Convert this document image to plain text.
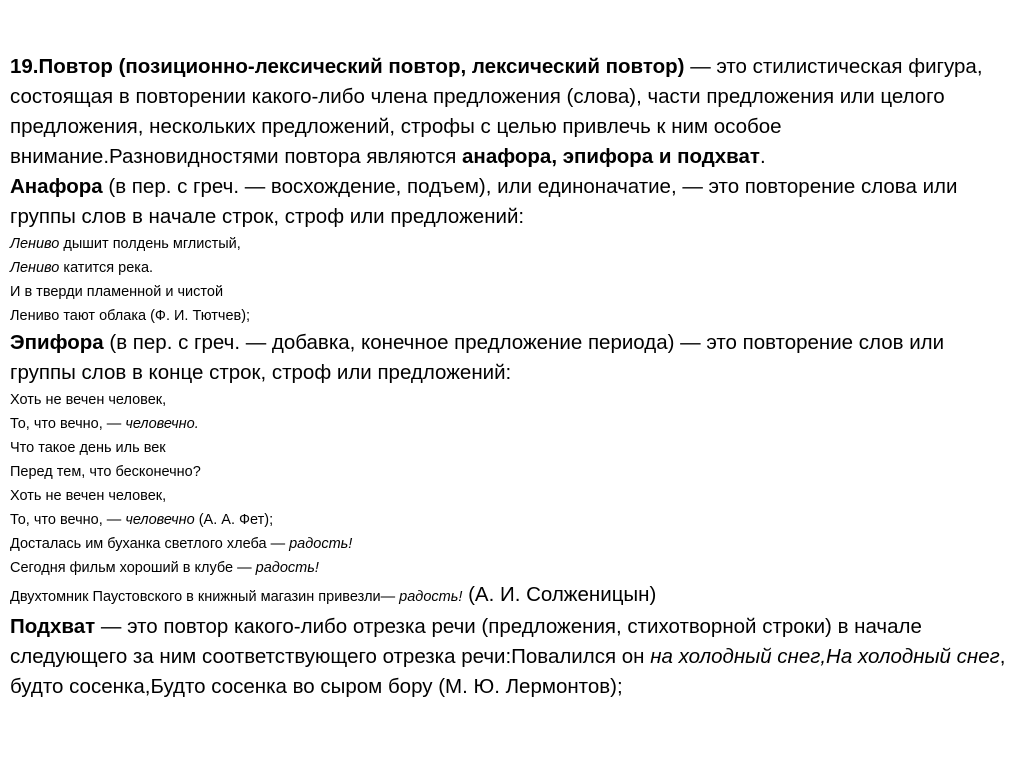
19.Повтор (позиционно-лексический повтор, лексический повтор) — это стилистическая фигура, состоящая в повторении какого-либо члена предложения (слова), части предложения или целого предложения, нескольких предложений, строфы с целью привлечь к ним особое внимание.Разновидностями повтора являются анафора, эпифора и подхват.

Анафора (в пер. с греч. — восхождение, подъем), или единоначатие, — это повторение слова или группы слов в начале строк, строф или предложений:

Лениво дышит полдень мглистый,

Лениво катится река.

И в тверди пламенной и чистой

Лениво тают облака (Ф. И. Тютчев);

Эпифора (в пер. с греч. — добавка, конечное предложение периода) — это повторение слов или группы слов в конце строк, строф или предложений:

Хоть не вечен человек,

То, что вечно, — человечно.

Что такое день иль век

Перед тем, что бесконечно?

Хоть не вечен человек,

То, что вечно, — человечно (А. А. Фет);

Досталась им буханка светлого хлеба — радость!

Сегодня фильм хороший в клубе — радость!

Двухтомник Паустовского в книжный магазин привезли— радость! (А. И. Солженицын)

Подхват — это повтор какого-либо отрезка речи (предложения, стихотворной строки) в начале следующего за ним соответствующего отрезка речи:Повалился он на холодный снег,На холодный снег, будто сосенка,Будто сосенка во сыром бору (М. Ю. Лермонтов);
